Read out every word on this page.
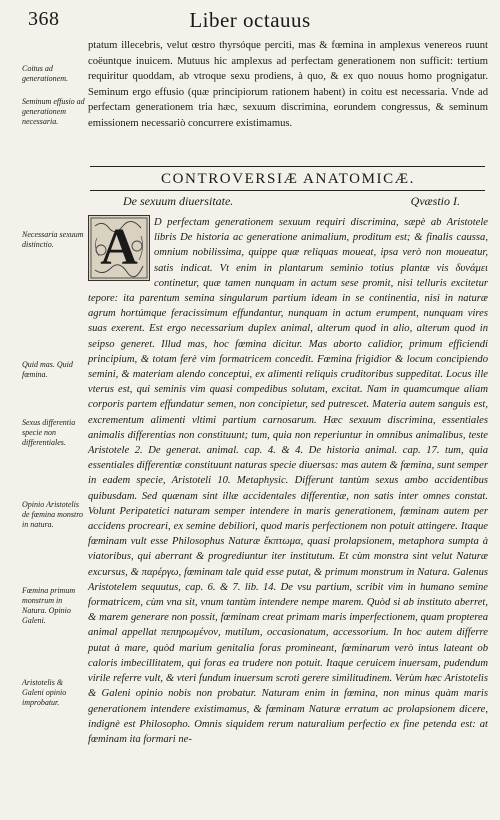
368	Liber octauus
Coitus ad generationem.
Seminum effusio ad generationem necessaria.
Necessaria sexuum distinctio.
Quid mas. Quid fœmina.
Sexus differentia specie non differentiales.
Opinio Aristotelis de fœmina monstro in natura.
Fœmina primum monstrum in Natura. Opinio Galeni.
Aristotelis & Galeni opinio improbatur.

ptatum illecebris, velut œstro thyrsóque perciti, mas & fœmina in amplexus venereos ruunt coëuntque inuicem. Mutuus hic amplexus ad perfectam generationem non sufficit: tertium requiritur quoddam, ab vtroque sexu prodiens, à quo, & ex quo nouus homo prognigatur. Seminum ergo effusio (quæ principiorum rationem habent) in coitu est necessaria. Vnde ad perfectam generationem tria hæc, sexuum discrimina, eorundem congressus, & seminum emissionem necessariò concurrere existimamus.

CONTROVERSIÆ ANATOMICÆ.
De sexuum diuersitate.	Qvæstio I.
D perfectam generationem sexuum requiri discrimina, sæpè ab Aristotele libris De historia ac generatione animalium, proditum est; & finalis caussa, omnium nobilissima, quippe quæ reliquas moueat, ipsa verò non moueatur, satis indicat. Vt enim in plantarum seminio totius plantæ vis δυνάμει continetur, quæ tamen nunquam in actum sese promit, nisi telluris excitetur tepore: ita parentum semina singularum partium ideam in se continentia, nisi in naturæ agrum hortúmque feracissimum effundantur, nunquam in actum erumpent, nunquam vires suas exerent. Est ergo necessarium duplex animal, alterum quod in alio, alterum quod in seipso generet. Illud mas, hoc fœmina dicitur. Mas aborto calidior, primum efficiendi principium, & totam ferè vim formatricem concedit. Fœmina frigidior & locum concipiendo semini, & materiam alendo conceptui, ex alimenti reliquis cruditoribus suppeditat. Locus ille vterus est, qui seminis vim quasi compedibus solutam, excitat. Nam in quamcumque aliam corporis partem effundatur semen, non concipietur, sed putrescet. Materia autem sanguis est, excrementum alimenti vltimi partium carnosarum. Hæc sexuum discrimina, essentiales animalis differentias non constituunt; tum, quia non reperiuntur in omnibus animalibus, teste Aristotele 2. De generat. animal. cap. 4. & 4. De historia animal. cap. 17. tum, quia essentiales differentiæ constituunt naturas specie diuersas: mas autem & fœmina, sunt semper in eadem specie, Aristoteli 10. Metaphysic. Differunt tantùm sexus ambo accidentibus quibusdam. Sed quænam sint illæ accidentales differentiæ, non satis inter omnes constat. Volunt Peripatetici naturam semper intendere in maris generationem, fœminam autem per accidens procreari, ex semine debiliori, quod maris perfectionem non potuit attingere. Itaque fœminam vult esse Philosophus Naturæ ἔκπτωμα, quasi prolapsionem, metaphora sumpta à viatoribus, qui aberrant & progrediuntur iter institutum. Et cùm monstra sint velut Naturæ excursus, & παρέργω, fœminam tale quid esse putat, & primum monstrum in Natura. Galenus Aristotelem sequutus, cap. 6. & 7. lib. 14. De vsu partium, scribit vim in humano semine formatricem, cùm vna sit, vnum tantùm intendere nempe marem. Quòd si ab instituto aberret, & marem generare non possit, fœminam creat primam maris imperfectionem, quam propterea animal appellat πεπηρωμένον, mutilum, occasionatum, accessorium. In hoc autem differre putat à mare, quòd marium genitalia foras promineant, fœminarum verò intus lateant ob caloris imbecillitatem, qui foras ea trudere non potuit. Itaque ceruicem inuersam, pudendum virile referre vult, & vteri fundum inuersum scroti gerere similitudinem. Verùm hæc Aristotelis & Galeni opinio nobis non probatur. Naturam enim in fœmina, non minus quàm maris generationem intendere existimamus, & fœminam Naturæ erratum ac prolapsionem dicere, indignè est Philosopho. Omnis siquidem rerum naturalium perfectio ex fine petenda est: at fœminam ita formari ne-
A
